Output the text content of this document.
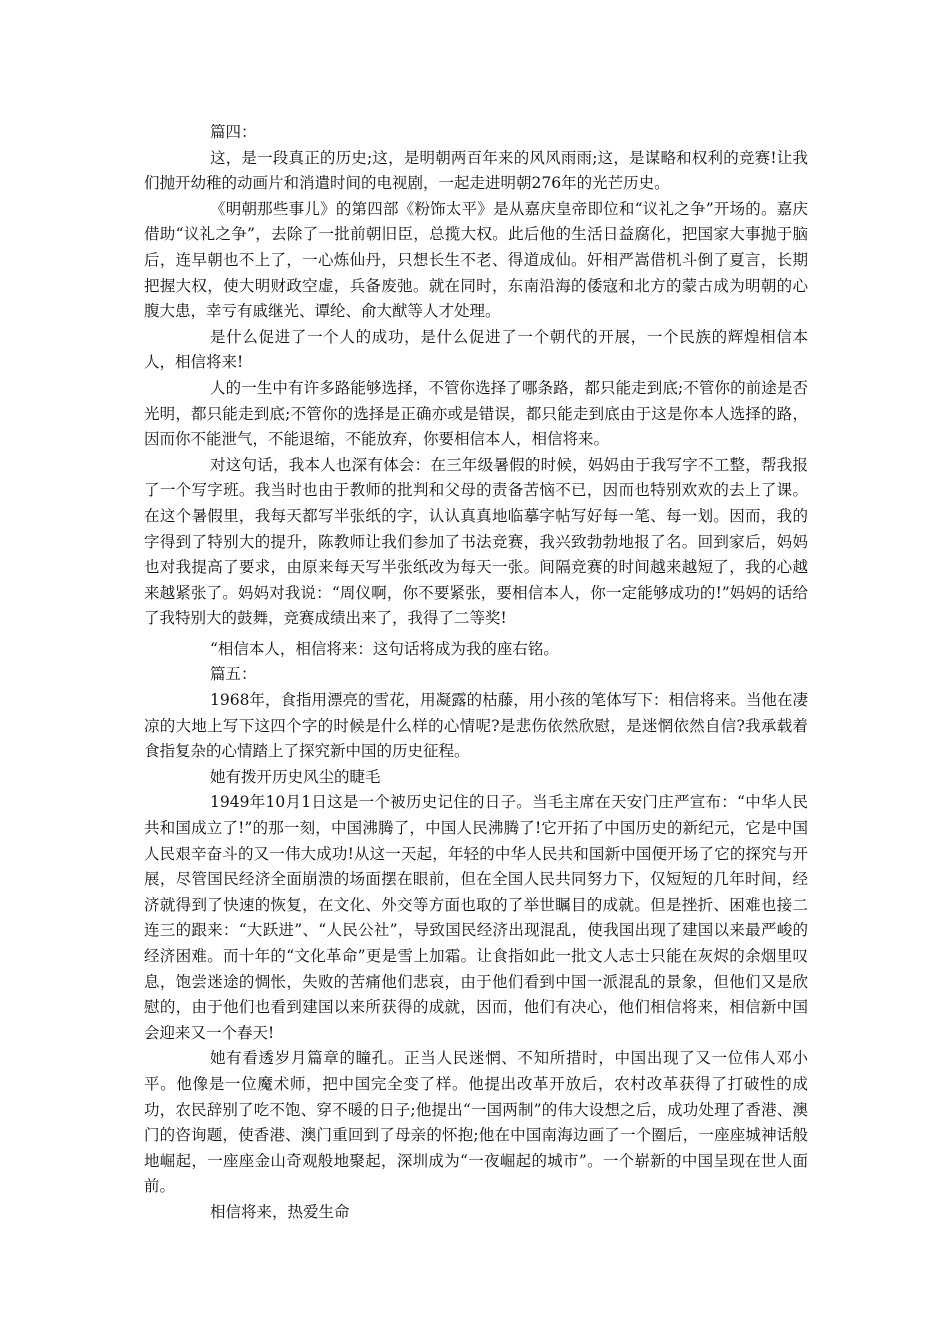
篇四：

这，是一段真正的历史;这，是明朝两百年来的风风雨雨;这，是谋略和权利的竞赛!让我们抛开幼稚的动画片和消遣时间的电视剧，一起走进明朝276年的光芒历史。

《明朝那些事儿》的第四部《粉饰太平》是从嘉庆皇帝即位和“议礼之争”开场的。嘉庆借助“议礼之争”，去除了一批前朝旧臣，总揽大权。此后他的生活日益腐化，把国家大事抛于脑后，连早朝也不上了，一心炼仙丹，只想长生不老、得道成仙。奸相严嵩借机斗倒了夏言，长期把握大权，使大明财政空虚，兵备废弛。就在同时，东南沿海的倭寇和北方的蒙古成为明朝的心腹大患，幸亏有戚继光、谭纶、俞大猷等人才处理。

是什么促进了一个人的成功，是什么促进了一个朝代的开展，一个民族的辉煌相信本人，相信将来!

人的一生中有许多路能够选择，不管你选择了哪条路，都只能走到底;不管你的前途是否光明，都只能走到底;不管你的选择是正确亦或是错误，都只能走到底由于这是你本人选择的路，因而你不能泄气，不能退缩，不能放弃，你要相信本人，相信将来。

对这句话，我本人也深有体会：在三年级暑假的时候，妈妈由于我写字不工整，帮我报了一个写字班。我当时也由于教师的批判和父母的责备苦恼不已，因而也特别欢欢的去上了课。在这个暑假里，我每天都写半张纸的字，认认真真地临摹字帖写好每一笔、每一划。因而，我的字得到了特别大的提升，陈教师让我们参加了书法竞赛，我兴致勃勃地报了名。回到家后，妈妈也对我提高了要求，由原来每天写半张纸改为每天一张。间隔竞赛的时间越来越短了，我的心越来越紧张了。妈妈对我说：“周仪啊，你不要紧张，要相信本人，你一定能够成功的!”妈妈的话给了我特别大的鼓舞，竞赛成绩出来了，我得了二等奖!

“相信本人，相信将来：这句话将成为我的座右铭。

篇五：

1968年，食指用漂亮的雪花，用凝露的枯藤，用小孩的笔体写下：相信将来。当他在凄凉的大地上写下这四个字的时候是什么样的心情呢?是悲伤依然欣慰，是迷惘依然自信?我承载着食指复杂的心情踏上了探究新中国的历史征程。

她有拨开历史风尘的睫毛

1949年10月1日这是一个被历史记住的日子。当毛主席在天安门庄严宣布：“中华人民共和国成立了!”的那一刻，中国沸腾了，中国人民沸腾了!它开拓了中国历史的新纪元，它是中国人民艰辛奋斗的又一伟大成功!从这一天起，年轻的中华人民共和国新中国便开场了它的探究与开展，尽管国民经济全面崩溃的场面摆在眼前，但在全国人民共同努力下，仅短短的几年时间，经济就得到了快速的恢复，在文化、外交等方面也取的了举世瞩目的成就。但是挫折、困难也接二连三的跟来：“大跃进”、“人民公社”，导致国民经济出现混乱，使我国出现了建国以来最严峻的经济困难。而十年的“文化革命”更是雪上加霜。让食指如此一批文人志士只能在灰烬的余烟里叹息，饱尝迷途的惆怅，失败的苦痛他们悲哀，由于他们看到中国一派混乱的景象，但他们又是欣慰的，由于他们也看到建国以来所获得的成就，因而，他们有决心，他们相信将来，相信新中国会迎来又一个春天!

她有看透岁月篇章的瞳孔。正当人民迷惘、不知所措时，中国出现了又一位伟人邓小平。他像是一位魔术师，把中国完全变了样。他提出改革开放后，农村改革获得了打破性的成功，农民辞别了吃不饱、穿不暖的日子;他提出“一国两制”的伟大设想之后，成功处理了香港、澳门的咨询题，使香港、澳门重回到了母亲的怀抱;他在中国南海边画了一个圈后，一座座城神话般地崛起，一座座金山奇观般地聚起，深圳成为“一夜崛起的城市”。一个崭新的中国呈现在世人面前。

相信将来，热爱生命
